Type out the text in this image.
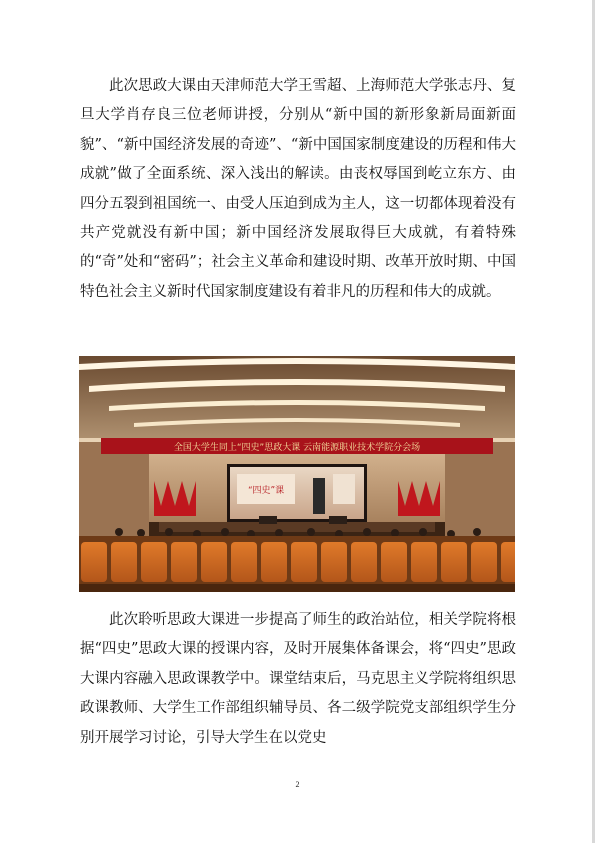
此次思政大课由天津师范大学王雪超、上海师范大学张志丹、复旦大学肖存良三位老师讲授，分别从“新中国的新形象新局面新面貌”、“新中国经济发展的奇迹”、“新中国国家制度建设的历程和伟大成就”做了全面系统、深入浅出的解读。由丧权辱国到屹立东方、由四分五裂到祖国统一、由受人压迫到成为主人，这一切都体现着没有共产党就没有新中国；新中国经济发展取得巨大成就，有着特殊的“奇”处和“密码”；社会主义革命和建设时期、改革开放时期、中国特色社会主义新时代国家制度建设有着非凡的历程和伟大的成就。

全国大学生同上“四史”思政大课 云南能源职业技术学院分会场
“四史”课

此次聆听思政大课进一步提高了师生的政治站位，相关学院将根据“四史”思政大课的授课内容，及时开展集体备课会，将“四史”思政大课内容融入思政课教学中。课堂结束后，马克思主义学院将组织思政课教师、大学生工作部组织辅导员、各二级学院党支部组织学生分别开展学习讨论，引导大学生在以党史

2
